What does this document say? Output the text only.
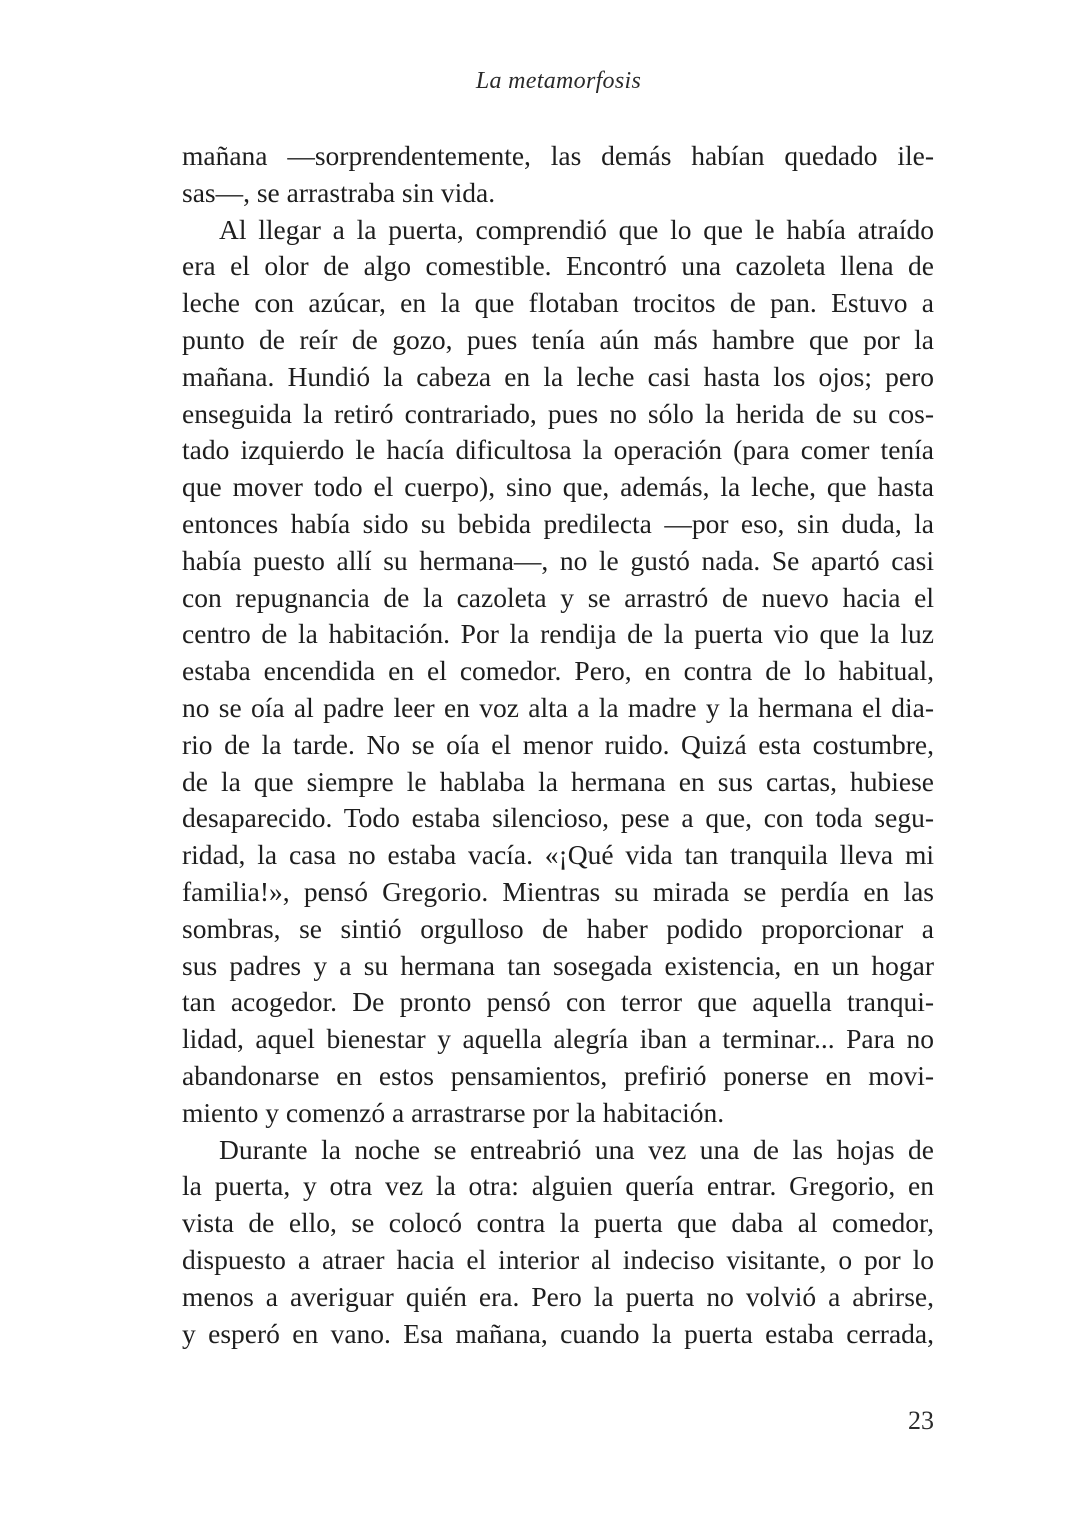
La metamorfosis
mañana —sorprendentemente, las demás habían quedado ile-
sas—, se arrastraba sin vida.
Al llegar a la puerta, comprendió que lo que le había atraído
era el olor de algo comestible. Encontró una cazoleta llena de
leche con azúcar, en la que flotaban trocitos de pan. Estuvo a
punto de reír de gozo, pues tenía aún más hambre que por la
mañana. Hundió la cabeza en la leche casi hasta los ojos; pero
enseguida la retiró contrariado, pues no sólo la herida de su cos-
tado izquierdo le hacía dificultosa la operación (para comer tenía
que mover todo el cuerpo), sino que, además, la leche, que hasta
entonces había sido su bebida predilecta —por eso, sin duda, la
había puesto allí su hermana—, no le gustó nada. Se apartó casi
con repugnancia de la cazoleta y se arrastró de nuevo hacia el
centro de la habitación. Por la rendija de la puerta vio que la luz
estaba encendida en el comedor. Pero, en contra de lo habitual,
no se oía al padre leer en voz alta a la madre y la hermana el dia-
rio de la tarde. No se oía el menor ruido. Quizá esta costumbre,
de la que siempre le hablaba la hermana en sus cartas, hubiese
desaparecido. Todo estaba silencioso, pese a que, con toda segu-
ridad, la casa no estaba vacía. «¡Qué vida tan tranquila lleva mi
familia!», pensó Gregorio. Mientras su mirada se perdía en las
sombras, se sintió orgulloso de haber podido proporcionar a
sus padres y a su hermana tan sosegada existencia, en un hogar
tan acogedor. De pronto pensó con terror que aquella tranqui-
lidad, aquel bienestar y aquella alegría iban a terminar... Para no
abandonarse en estos pensamientos, prefirió ponerse en movi-
miento y comenzó a arrastrarse por la habitación.
Durante la noche se entreabrió una vez una de las hojas de
la puerta, y otra vez la otra: alguien quería entrar. Gregorio, en
vista de ello, se colocó contra la puerta que daba al comedor,
dispuesto a atraer hacia el interior al indeciso visitante, o por lo
menos a averiguar quién era. Pero la puerta no volvió a abrirse,
y esperó en vano. Esa mañana, cuando la puerta estaba cerrada,
23
